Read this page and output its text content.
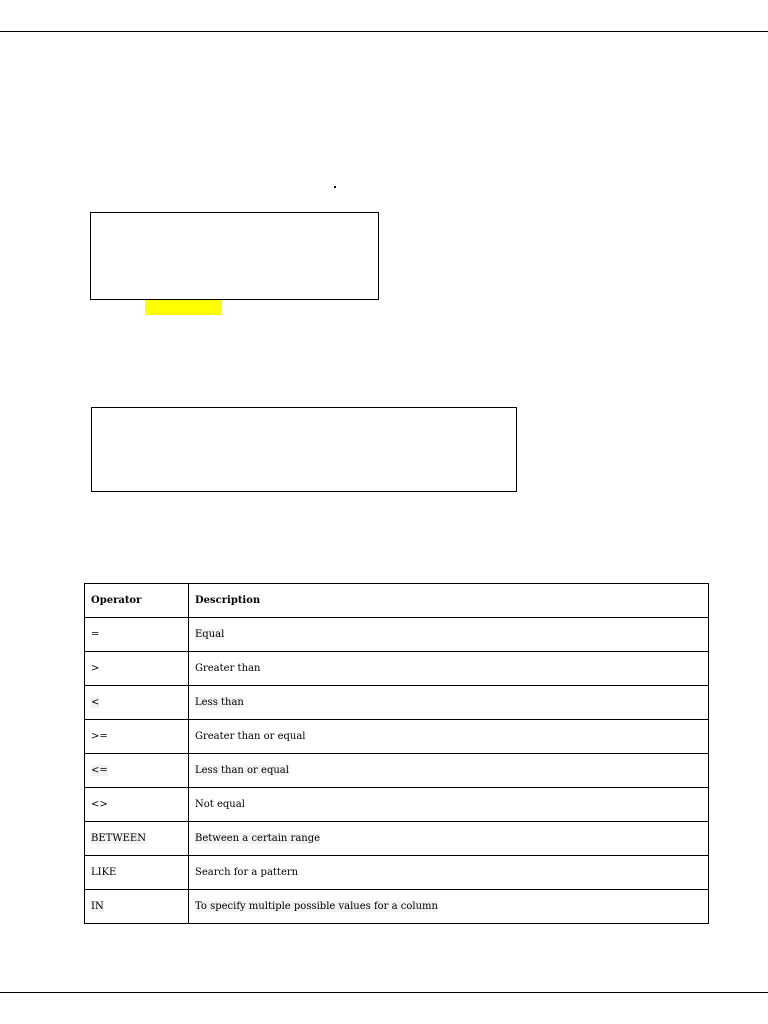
Operator	Description
=	Equal
>	Greater than
<	Less than
>=	Greater than or equal
<=	Less than or equal
<>	Not equal
BETWEEN	Between a certain range
LIKE	Search for a pattern
IN	To specify multiple possible values for a column
